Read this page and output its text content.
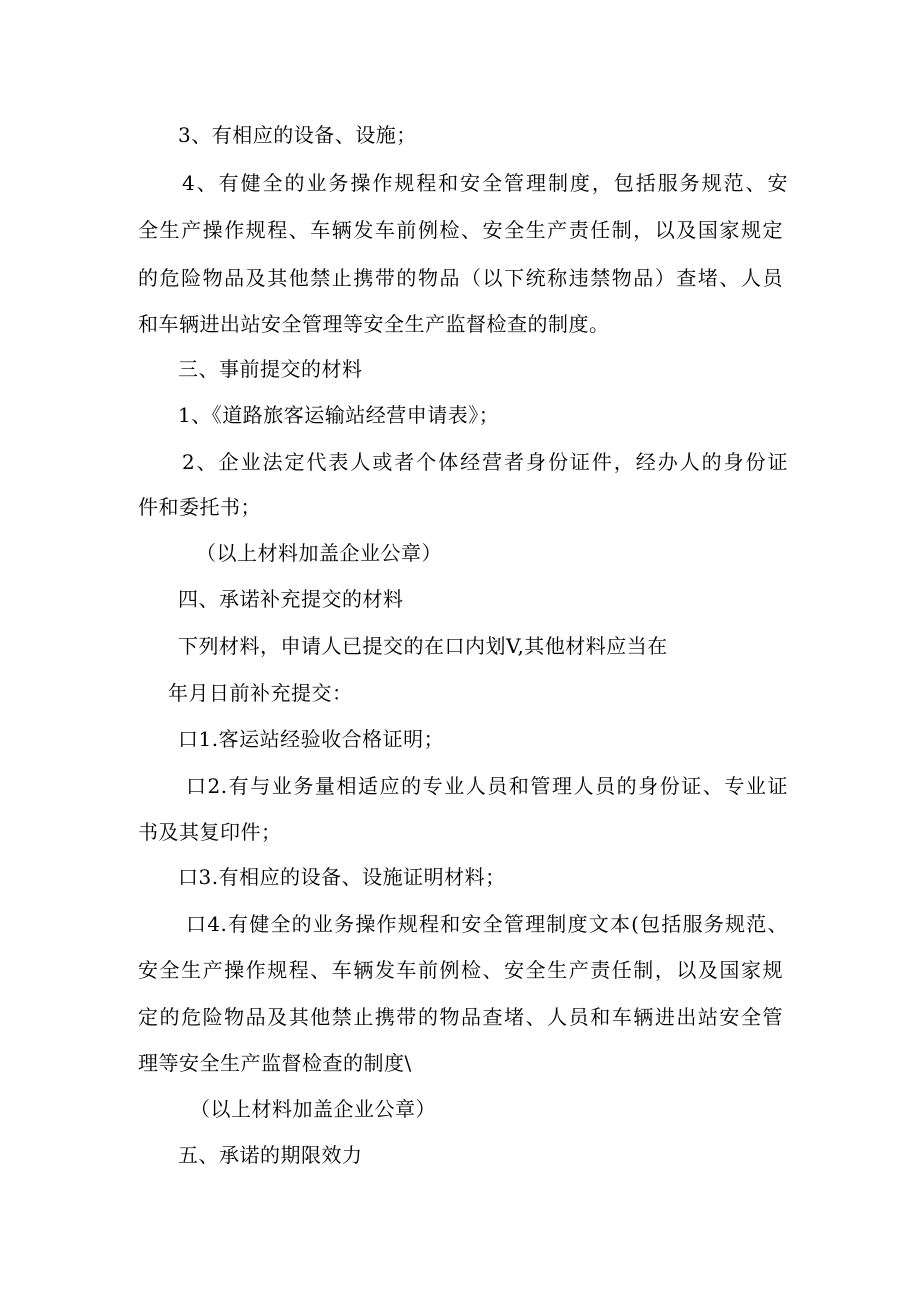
3、有相应的设备、设施；
4、有健全的业务操作规程和安全管理制度，包括服务规范、安
全生产操作规程、车辆发车前例检、安全生产责任制，以及国家规定
的危险物品及其他禁止携带的物品（以下统称违禁物品）查堵、人员
和车辆进出站安全管理等安全生产监督检查的制度。
三、事前提交的材料
1、《道路旅客运输站经营申请表》；
2、企业法定代表人或者个体经营者身份证件，经办人的身份证
件和委托书；
（以上材料加盖企业公章）
四、承诺补充提交的材料
下列材料，申请人已提交的在口内划V,其他材料应当在
年月日前补充提交：
口1.客运站经验收合格证明；
口2.有与业务量相适应的专业人员和管理人员的身份证、专业证
书及其复印件；
口3.有相应的设备、设施证明材料；
口4.有健全的业务操作规程和安全管理制度文本(包括服务规范、
安全生产操作规程、车辆发车前例检、安全生产责任制，以及国家规
定的危险物品及其他禁止携带的物品查堵、人员和车辆进出站安全管
理等安全生产监督检查的制度\
（以上材料加盖企业公章）
五、承诺的期限效力
